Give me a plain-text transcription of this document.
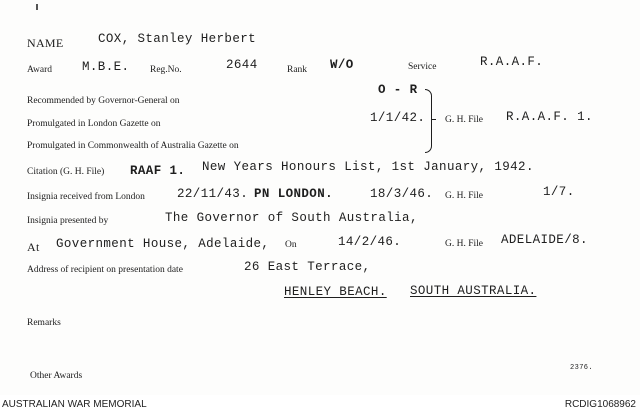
NAME	COX, Stanley Herbert
Award M.B.E. Reg.No.	2644	Rank W/O	Service	R.A.A.F.
Recommended by Governor-General on
O - R
Promulgated in London Gazette on	1/1/42. G. H. File R.A.A.F. 1.
Promulgated in Commonwealth of Australia Gazette on
Citation (G. H. File) RAAF 1. New Years Honours List, 1st January, 1942.
Insignia received from London	22/11/43. PN LONDON.	18/3/46. G. H. File	1/7.
Insignia presented by	The Governor of South Australia,
At Government House, Adelaide, On	14/2/46.	G. H. File ADELAIDE/8.
Address of recipient on presentation date	26 East Terrace,
HENLEY BEACH. SOUTH AUSTRALIA.
Remarks
Other Awards
2376.
AUSTRALIAN WAR MEMORIAL	RCDIG1068962
